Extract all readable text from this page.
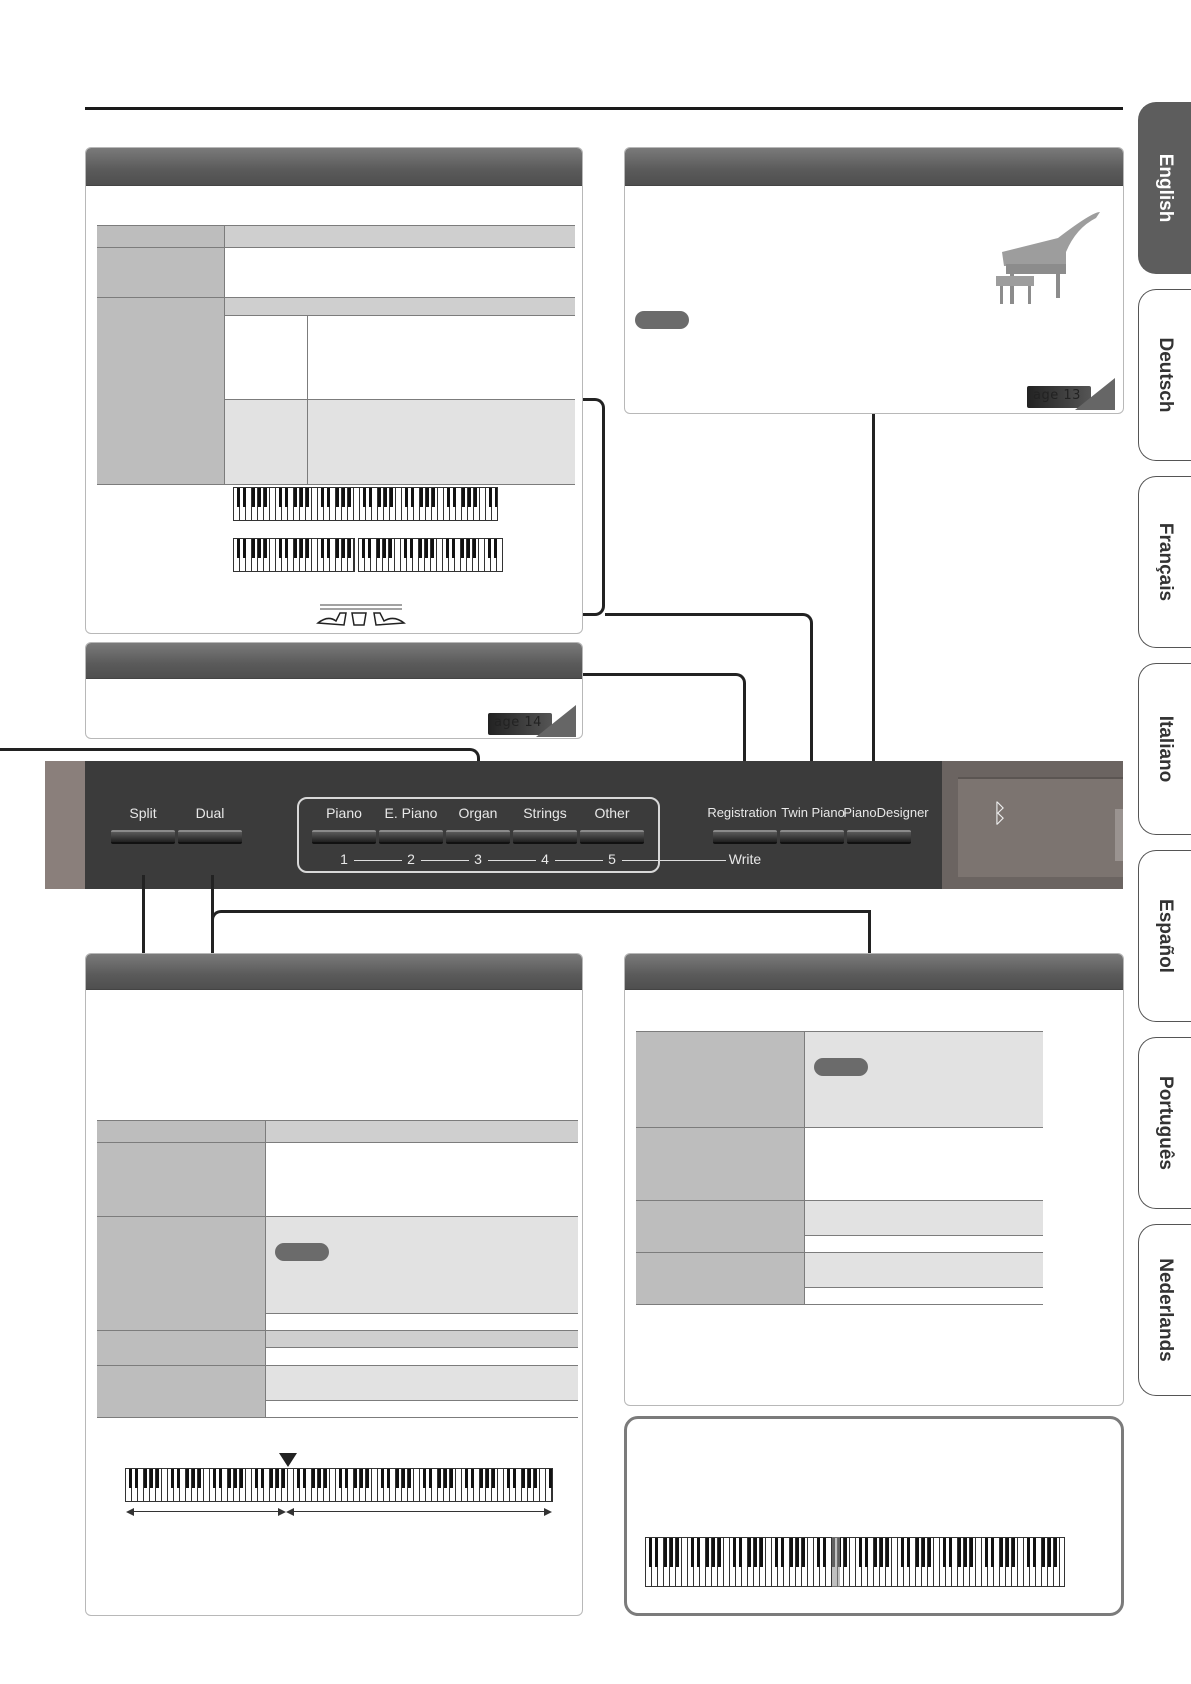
age 14
age 13
ᛒ
Split	Dual	Piano E. Piano Organ Strings Other
1	2	3	4	5	Write
Registration Twin Piano
PianoDesigner
English
Deutsch
Français
Italiano
Español
Português
Nederlands
